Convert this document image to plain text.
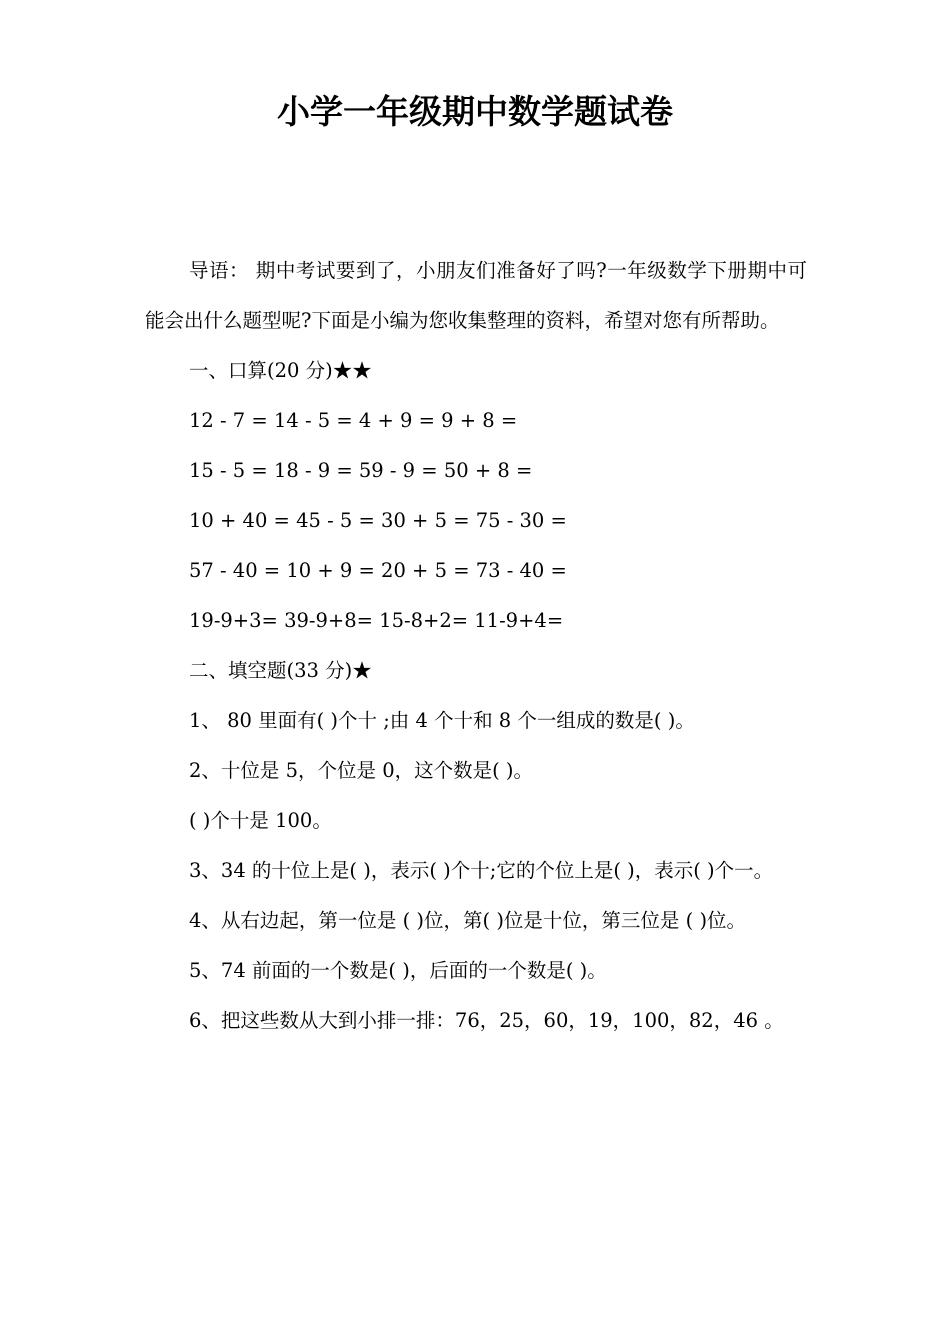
小学一年级期中数学题试卷

导语： 期中考试要到了，小朋友们准备好了吗?一年级数学下册期中可能会出什么题型呢?下面是小编为您收集整理的资料，希望对您有所帮助。

一、口算(20 分)★★

12 - 7 = 14 - 5 = 4 + 9 = 9 + 8 =

15 - 5 = 18 - 9 = 59 - 9 = 50 + 8 =

10 + 40 = 45 - 5 = 30 + 5 = 75 - 30 =

57 - 40 = 10 + 9 = 20 + 5 = 73 - 40 =

19-9+3= 39-9+8= 15-8+2= 11-9+4=

二、填空题(33 分)★

1、 80 里面有( )个十 ;由 4 个十和 8 个一组成的数是( )。

2、十位是 5，个位是 0，这个数是( )。

( )个十是 100。

3、34 的十位上是( )，表示( )个十;它的个位上是( )，表示( )个一。

4、从右边起，第一位是 ( )位，第( )位是十位，第三位是 ( )位。

5、74 前面的一个数是( )，后面的一个数是( )。

6、把这些数从大到小排一排：76，25，60，19，100，82，46 。
